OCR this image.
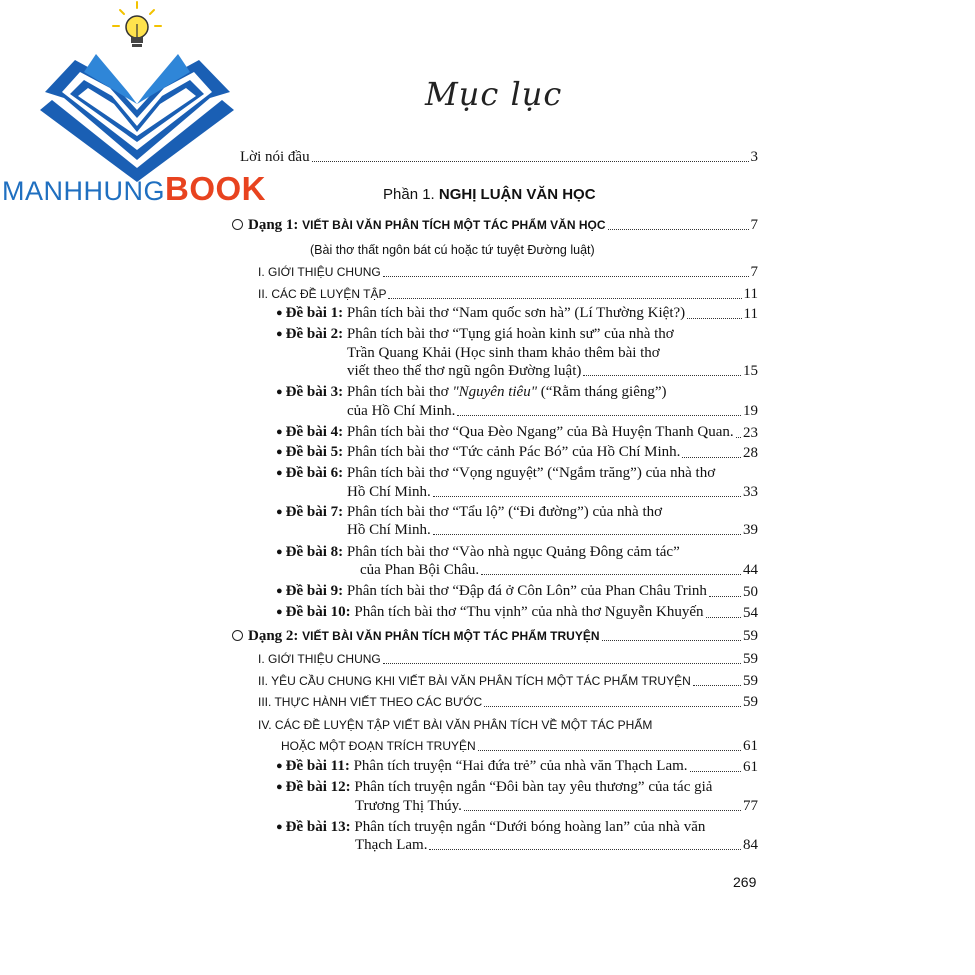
MANHHUNGBOOK
Mục lục
Lời nói đầu	3
Phần 1. NGHỊ LUẬN VĂN HỌC
Dạng 1: VIẾT BÀI VĂN PHÂN TÍCH MỘT TÁC PHẨM VĂN HỌC	7
(Bài thơ thất ngôn bát cú hoặc tứ tuyệt Đường luật)
I. GIỚI THIỆU CHUNG	7
II. CÁC ĐỀ LUYỆN TẬP	11
● Đề bài 1: Phân tích bài thơ “Nam quốc sơn hà” (Lí Thường Kiệt?)	11
● Đề bài 2: Phân tích bài thơ “Tụng giá hoàn kinh sư” của nhà thơ
Trần Quang Khải (Học sinh tham khảo thêm bài thơ
viết theo thể thơ ngũ ngôn Đường luật)	15
● Đề bài 3: Phân tích bài thơ "Nguyên tiêu" (“Rằm tháng giêng”)
của Hồ Chí Minh.	19
● Đề bài 4: Phân tích bài thơ “Qua Đèo Ngang” của Bà Huyện Thanh Quan. 23
● Đề bài 5: Phân tích bài thơ “Tức cảnh Pác Bó” của Hồ Chí Minh.	28
● Đề bài 6: Phân tích bài thơ “Vọng nguyệt” (“Ngắm trăng”) của nhà thơ
Hồ Chí Minh.	33
● Đề bài 7: Phân tích bài thơ “Tẩu lộ” (“Đi đường”) của nhà thơ
Hồ Chí Minh.	39
● Đề bài 8: Phân tích bài thơ “Vào nhà ngục Quảng Đông cảm tác”
của Phan Bội Châu.	44
● Đề bài 9: Phân tích bài thơ “Đập đá ở Côn Lôn” của Phan Châu Trinh 50
● Đề bài 10: Phân tích bài thơ “Thu vịnh” của nhà thơ Nguyễn Khuyến	54
Dạng 2: VIẾT BÀI VĂN PHÂN TÍCH MỘT TÁC PHẨM TRUYỆN	59
I. GIỚI THIỆU CHUNG	59
II. YÊU CẦU CHUNG KHI VIẾT BÀI VĂN PHÂN TÍCH MỘT TÁC PHẨM TRUYỆN	59
III. THỰC HÀNH VIẾT THEO CÁC BƯỚC	59
IV. CÁC ĐỀ LUYỆN TẬP VIẾT BÀI VĂN PHÂN TÍCH VỀ MỘT TÁC PHẨM
HOẶC MỘT ĐOẠN TRÍCH TRUYỆN	61
● Đề bài 11: Phân tích truyện “Hai đứa trẻ” của nhà văn Thạch Lam.	61
● Đề bài 12: Phân tích truyện ngắn “Đôi bàn tay yêu thương” của tác giả
Trương Thị Thúy.	77
● Đề bài 13: Phân tích truyện ngắn “Dưới bóng hoàng lan” của nhà văn
Thạch Lam.	84
269
